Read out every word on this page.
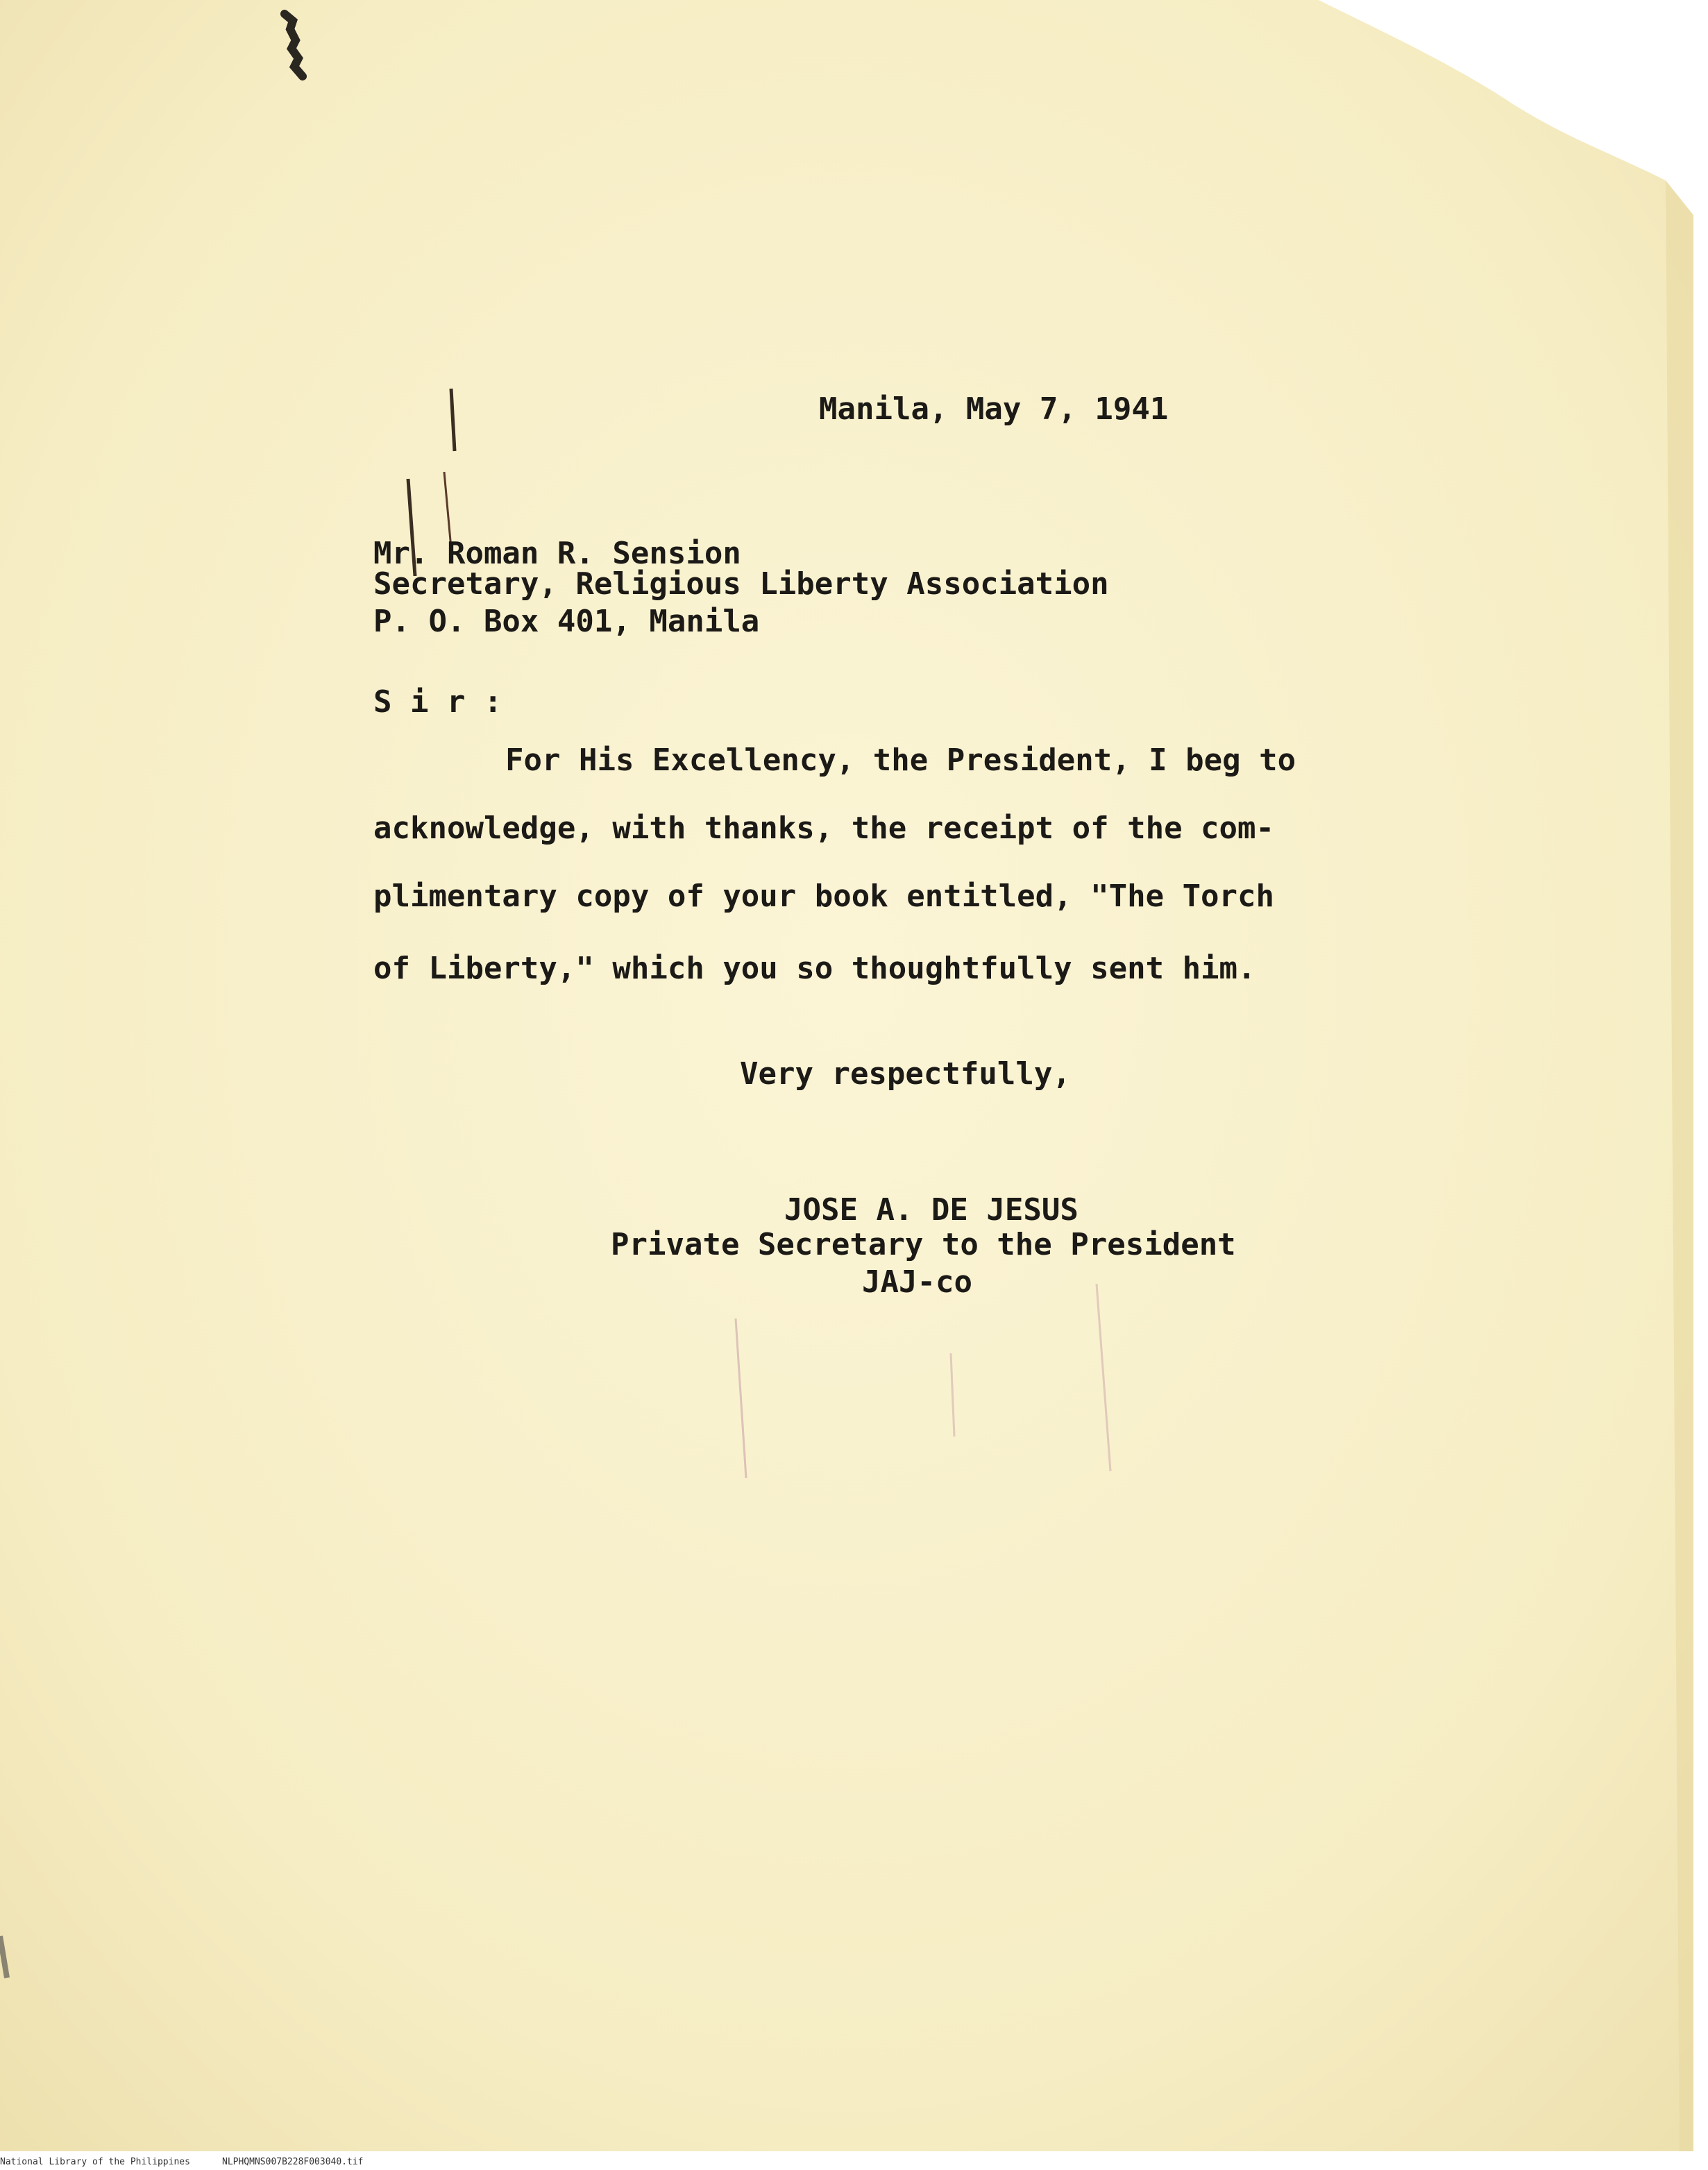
Manila, May 7, 1941
Mr. Roman R. Sension
Secretary, Religious Liberty Association
P. O. Box 401, Manila
S i r :
For His Excellency, the President, I beg to
acknowledge, with thanks, the receipt of the com-
plimentary copy of your book entitled, "The Torch
of Liberty," which you so thoughtfully sent him.
Very respectfully,
JOSE A. DE JESUS
Private Secretary to the President
JAJ-co
National Library of the Philippines	NLPHQMNS007B228F003040.tif
